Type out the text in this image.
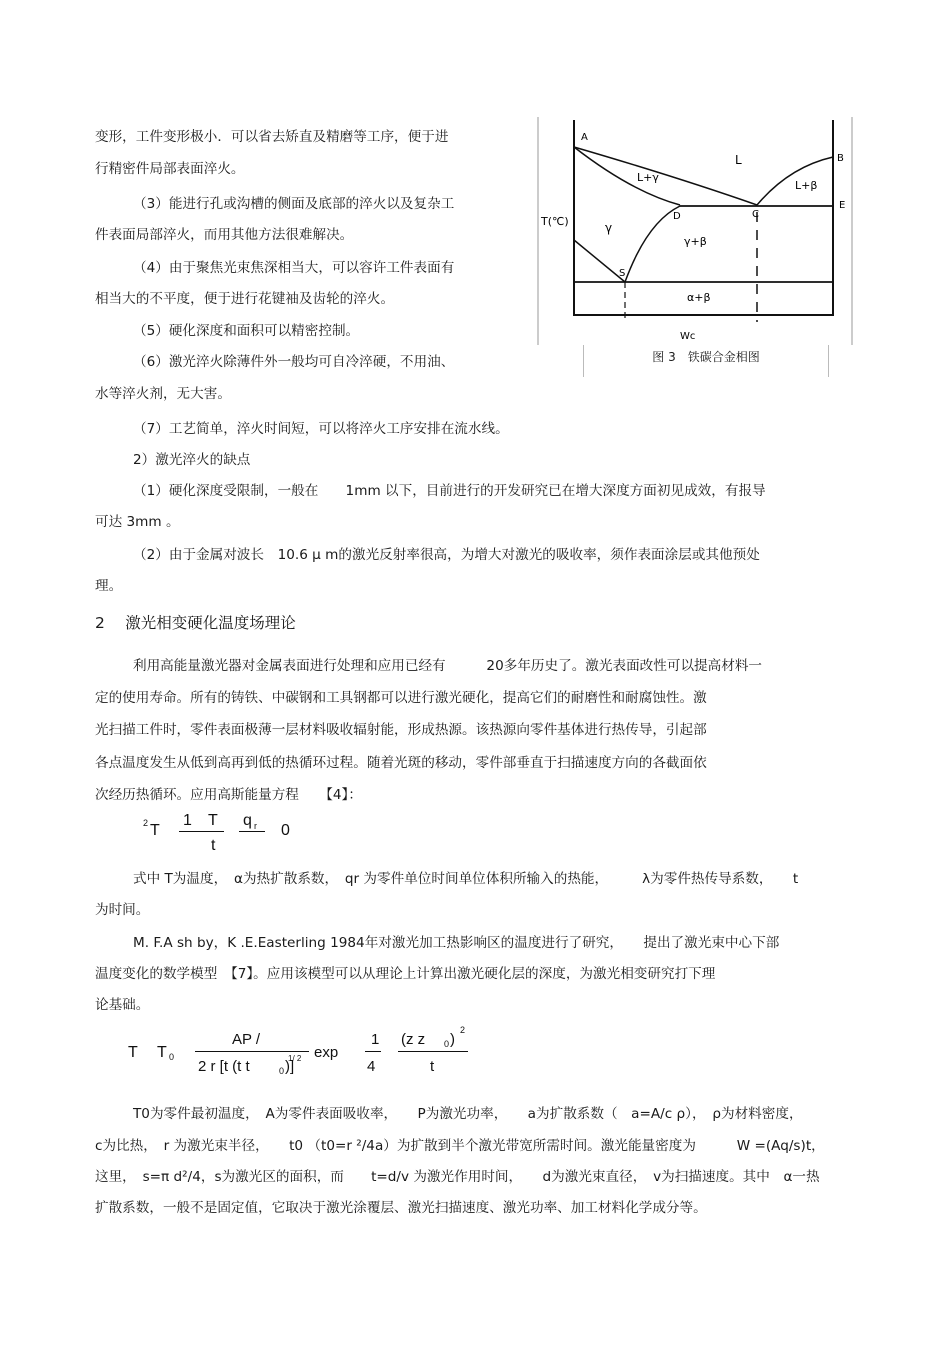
变形，工件变形极小．可以省去矫直及精磨等工序，便于进
行精密件局部表面淬火。
（3）能进行孔或沟槽的侧面及底部的淬火以及复杂工
件表面局部淬火，而用其他方法很难解决。
（4）由于聚焦光束焦深相当大，可以容许工件表面有
相当大的不平度，便于进行花键袖及齿轮的淬火。
（5）硬化深度和面积可以精密控制。
（6）激光淬火除薄件外一般均可自冷淬硬，不用油、
水等淬火剂，无大害。
A
B
C
D
E
S
L
L+γ
L+β
γ
γ+β
α+β
T(℃)
Wc
图 3　铁碳合金相图
（7）工艺简单，淬火时间短，可以将淬火工序安排在流水线。
2）激光淬火的缺点
（1）硬化深度受限制，一般在　　1mm 以下，目前进行的开发研究已在增大深度方面初见成效，有报导
可达 3mm 。
（2）由于金属对波长　10.6 μ m的激光反射率很高，为增大对激光的吸收率，须作表面涂层或其他预处
理。
2　 激光相变硬化温度场理论
利用高能量激光器对金属表面进行处理和应用已经有　　　20多年历史了。激光表面改性可以提高材料一
定的使用寿命。所有的铸铁、中碳钢和工具钢都可以进行激光硬化，提高它们的耐磨性和耐腐蚀性。激
光扫描工件时，零件表面极薄一层材料吸收辐射能，形成热源。该热源向零件基体进行热传导，引起部
各点温度发生从低到高再到低的热循环过程。随着光斑的移动，零件部垂直于扫描速度方向的各截面依
次经历热循环。应用高斯能量方程　　【4】：
2 T
1 T
t
q r 0
式中 T为温度，　α为热扩散系数，　qr 为零件单位时间单位体积所输入的热能，　　　λ为零件热传导系数，　　t
为时间。
M. F.A sh by，K .E.Easterling 1984年对激光加工热影响区的温度进行了研究，　　提出了激光束中心下部
温度变化的数学模型　【7】。应用该模型可以从理论上计算出激光硬化层的深度，为激光相变研究打下理
论基础。
T T 0
AP /
2 r [t (t t	0 )]
1/ 2 exp
1
4
(z z 0 )
2
t
T0为零件最初温度，　A为零件表面吸收率，　　P为激光功率，　　a为扩散系数（　a=A/c ρ），　ρ为材料密度，
c为比热，　r 为激光束半径，　　t0 （t0=r ²/4a）为扩散到半个激光带宽所需时间。激光能量密度为　　　W =(Aq/s)t，
这里，　s=π d²/4，s为激光区的面积，而　　t=d/v 为激光作用时间，　　d为激光束直径，　v为扫描速度。其中　α一热
扩散系数，一般不是固定值，它取决于激光涂覆层、激光扫描速度、激光功率、加工材料化学成分等。
